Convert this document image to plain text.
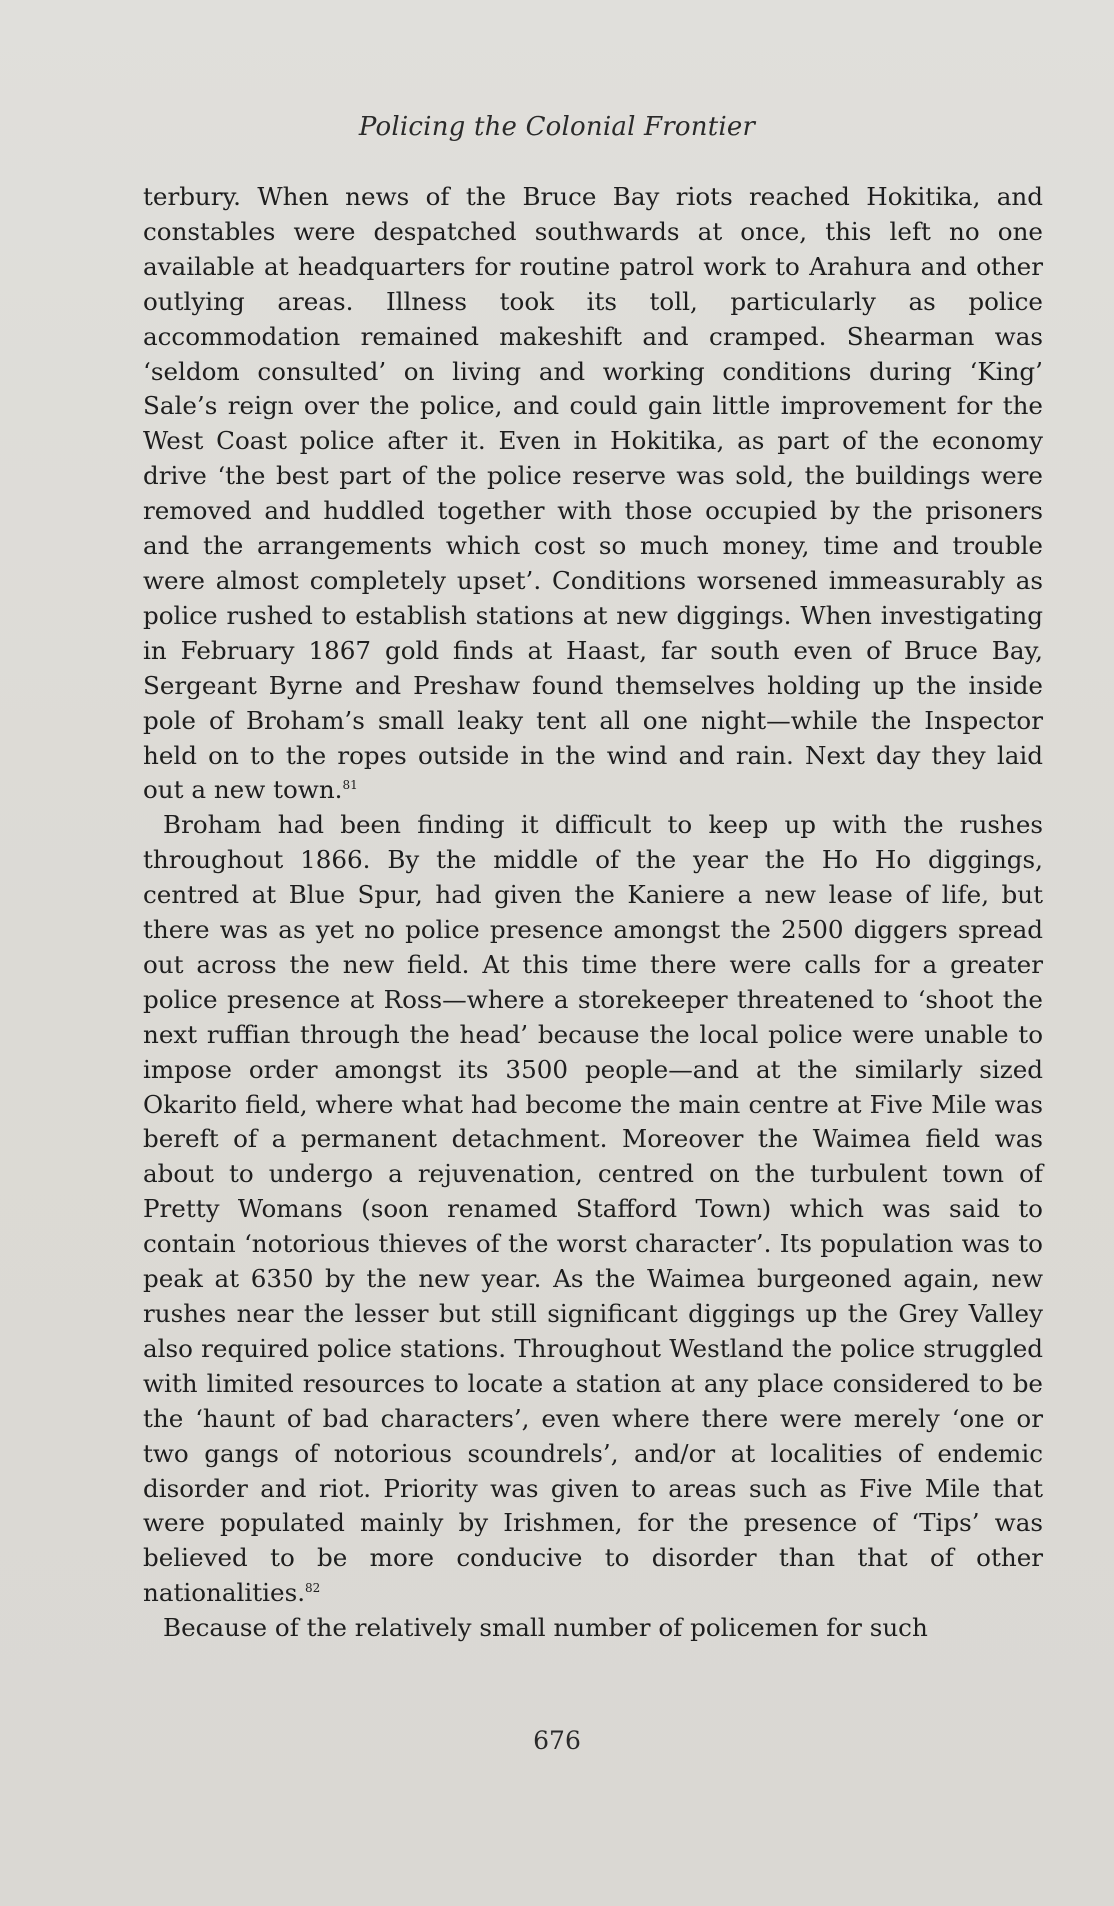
Policing the Colonial Frontier

terbury. When news of the Bruce Bay riots reached Hokitika, and constables were despatched southwards at once, this left no one available at headquarters for routine patrol work to Arahura and other outlying areas. Illness took its toll, particularly as police accommodation remained makeshift and cramped. Shearman was ‘seldom consulted’ on living and working conditions during ‘King’ Sale’s reign over the police, and could gain little improvement for the West Coast police after it. Even in Hokitika, as part of the economy drive ‘the best part of the police reserve was sold, the buildings were removed and huddled together with those occupied by the prisoners and the arrangements which cost so much money, time and trouble were almost completely upset’. Conditions worsened immeasurably as police rushed to establish stations at new diggings. When investigating in February 1867 gold finds at Haast, far south even of Bruce Bay, Sergeant Byrne and Preshaw found themselves holding up the inside pole of Broham’s small leaky tent all one night—while the Inspector held on to the ropes outside in the wind and rain. Next day they laid out a new town.$^{81}$

Broham had been finding it difficult to keep up with the rushes throughout 1866. By the middle of the year the Ho Ho diggings, centred at Blue Spur, had given the Kaniere a new lease of life, but there was as yet no police presence amongst the 2500 diggers spread out across the new field. At this time there were calls for a greater police presence at Ross—where a storekeeper threatened to ‘shoot the next ruffian through the head’ because the local police were unable to impose order amongst its 3500 people—and at the similarly sized Okarito field, where what had become the main centre at Five Mile was bereft of a permanent detachment. Moreover the Waimea field was about to undergo a rejuvenation, centred on the turbulent town of Pretty Womans (soon renamed Stafford Town) which was said to contain ‘notorious thieves of the worst character’. Its population was to peak at 6350 by the new year. As the Waimea burgeoned again, new rushes near the lesser but still significant diggings up the Grey Valley also required police stations. Throughout Westland the police struggled with limited resources to locate a station at any place considered to be the ‘haunt of bad characters’, even where there were merely ‘one or two gangs of notorious scoundrels’, and/or at localities of endemic disorder and riot. Priority was given to areas such as Five Mile that were populated mainly by Irishmen, for the presence of ‘Tips’ was believed to be more conducive to disorder than that of other nationalities.$^{82}$

Because of the relatively small number of policemen for such

676
